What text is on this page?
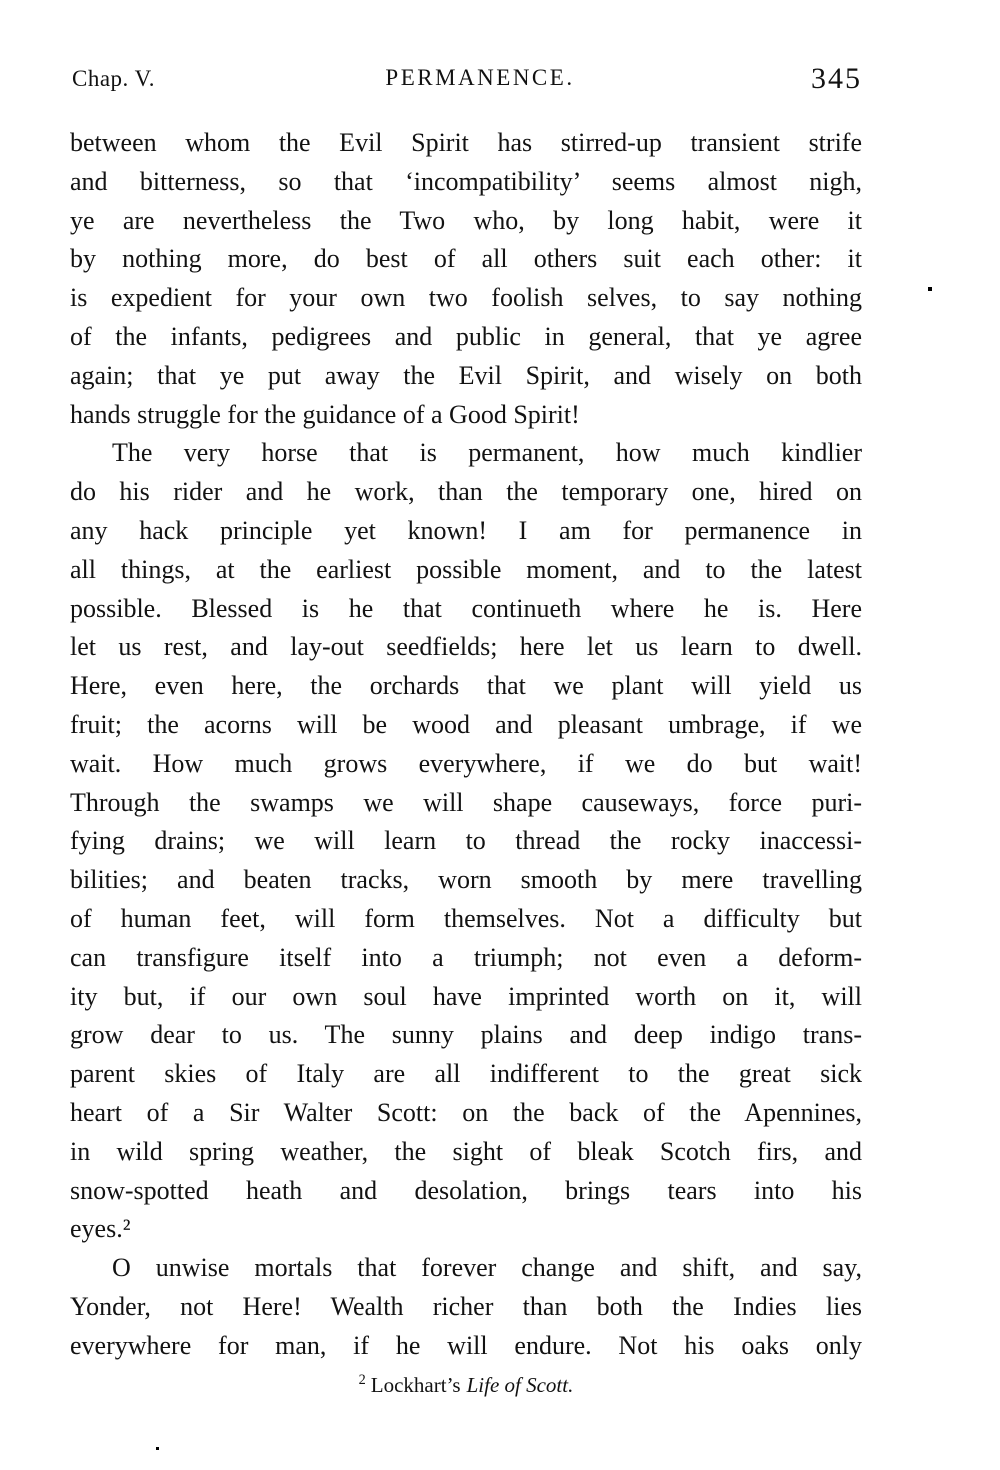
Chap. V.	PERMANENCE.	345
between whom the Evil Spirit has stirred-up transient strife
and bitterness, so that ‘incompatibility’ seems almost nigh,
ye are nevertheless the Two who, by long habit, were it
by nothing more, do best of all others suit each other: it
is expedient for your own two foolish selves, to say nothing
of the infants, pedigrees and public in general, that ye agree
again; that ye put away the Evil Spirit, and wisely on both
hands struggle for the guidance of a Good Spirit!
The very horse that is permanent, how much kindlier
do his rider and he work, than the temporary one, hired on
any hack principle yet known! I am for permanence in
all things, at the earliest possible moment, and to the latest
possible. Blessed is he that continueth where he is. Here
let us rest, and lay-out seedfields; here let us learn to dwell.
Here, even here, the orchards that we plant will yield us
fruit; the acorns will be wood and pleasant umbrage, if we
wait. How much grows everywhere, if we do but wait!
Through the swamps we will shape causeways, force puri-
fying drains; we will learn to thread the rocky inaccessi-
bilities; and beaten tracks, worn smooth by mere travelling
of human feet, will form themselves. Not a difficulty but
can transfigure itself into a triumph; not even a deform-
ity but, if our own soul have imprinted worth on it, will
grow dear to us. The sunny plains and deep indigo trans-
parent skies of Italy are all indifferent to the great sick
heart of a Sir Walter Scott: on the back of the Apennines,
in wild spring weather, the sight of bleak Scotch firs, and
snow-spotted heath and desolation, brings tears into his
eyes.²
O unwise mortals that forever change and shift, and say,
Yonder, not Here! Wealth richer than both the Indies lies
everywhere for man, if he will endure. Not his oaks only
$^2$ Lockhart’s Life of Scott.
